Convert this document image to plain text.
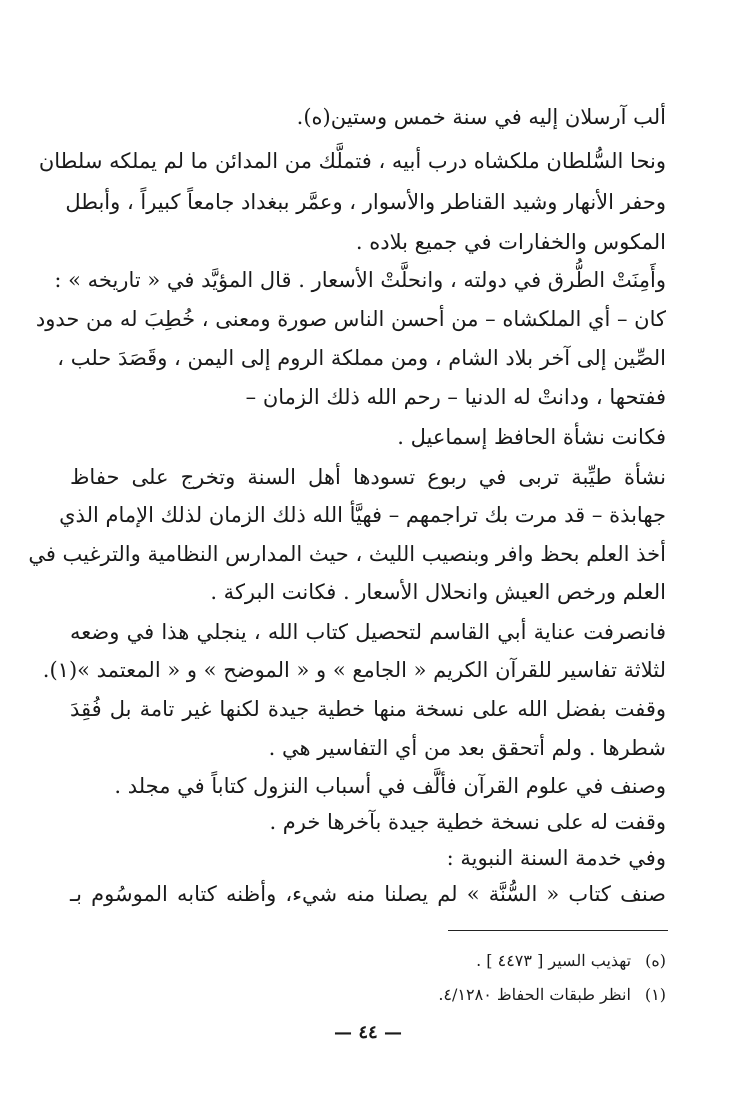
ألب آرسلان إليه في سنة خمس وستين(ه).
ونحا السُّلطان ملكشاه درب أبيه ، فتملَّك من المدائن ما لم يملكه سلطان
وحفر الأنهار وشيد القناطر والأسوار ، وعمَّر ببغداد جامعاً كبيراً ، وأبطل
المكوس والخفارات في جميع بلاده .
وأَمِنَتْ الطُّرق في دولته ، وانحلَّتْ الأسعار . قال المؤيَّد في « تاريخه » :
كان – أي الملكشاه – من أحسن الناس صورة ومعنى ، خُطِبَ له من حدود
الصِّين إلى آخر بلاد الشام ، ومن مملكة الروم إلى اليمن ، وقَصَدَ حلب ،
ففتحها ، ودانتْ له الدنيا – رحم الله ذلك الزمان –
فكانت نشأة الحافظ إسماعيل .
نشأة طيِّبة تربى في ربوع تسودها أهل السنة وتخرج على حفاظ
جهابذة – قد مرت بك تراجمهم – فهيَّأ الله ذلك الزمان لذلك الإمام الذي
أخذ العلم بحظ وافر وبنصيب الليث ، حيث المدارس النظامية والترغيب في
العلم ورخص العيش وانحلال الأسعار . فكانت البركة .
فانصرفت عناية أبي القاسم لتحصيل كتاب الله ، ينجلي هذا في وضعه
لثلاثة تفاسير للقرآن الكريم « الجامع » و « الموضح » و « المعتمد »(١).
وقفت بفضل الله على نسخة منها خطية جيدة لكنها غير تامة بل فُقِدَ
شطرها . ولم أتحقق بعد من أي التفاسير هي .
وصنف في علوم القرآن فألَّف في أسباب النزول كتاباً في مجلد .
وقفت له على نسخة خطية جيدة بآخرها خرم .
وفي خدمة السنة النبوية :
صنف كتاب « السُّنَّة » لم يصلنا منه شيء، وأظنه كتابه الموسُوم بـ
(ه)تهذيب السير [ ٤٤٧٣ ] .
(١)انظر طبقات الحفاظ ٤/١٢٨٠.
— ٤٤ —
